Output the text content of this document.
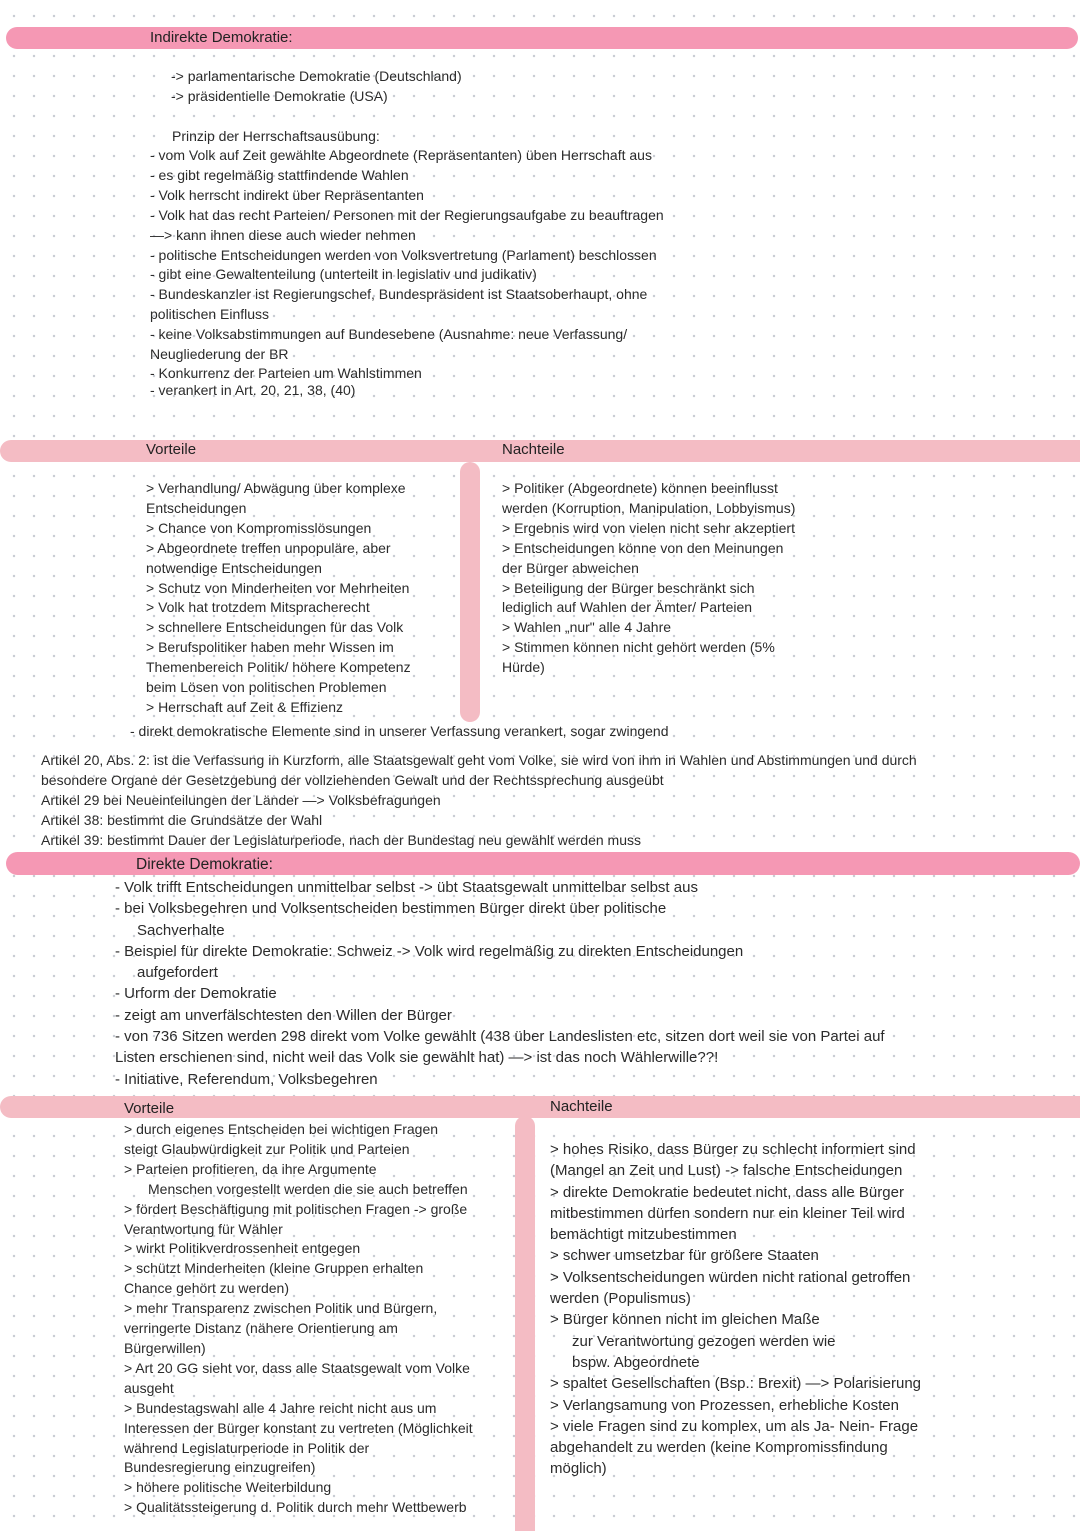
Indirekte Demokratie:

-> parlamentarische Demokratie (Deutschland)

-> präsidentielle Demokratie (USA)

Prinzip der Herrschaftsausübung:

- vom Volk auf Zeit gewählte Abgeordnete (Repräsentanten) üben Herrschaft aus

- es gibt regelmäßig stattfindende Wahlen

- Volk herrscht indirekt über Repräsentanten

- Volk hat das recht Parteien/ Personen mit der Regierungsaufgabe zu beauftragen

—> kann ihnen diese auch wieder nehmen

- politische Entscheidungen werden von Volksvertretung (Parlament) beschlossen

- gibt eine Gewaltenteilung (unterteilt in legislativ und judikativ)

- Bundeskanzler ist Regierungschef, Bundespräsident ist Staatsoberhaupt, ohne

politischen Einfluss

- keine Volksabstimmungen auf Bundesebene (Ausnahme: neue Verfassung/

Neugliederung der BR

- Konkurrenz der Parteien um Wahlstimmen

- verankert in Art. 20, 21, 38, (40)

Vorteile	Nachteile

> Verhandlung/ Abwägung über komplexe

Entscheidungen

> Chance von Kompromisslösungen

> Abgeordnete treffen unpopuläre, aber

notwendige Entscheidungen

> Schutz von Minderheiten vor Mehrheiten

> Volk hat trotzdem Mitspracherecht

> schnellere Entscheidungen für das Volk

> Berufspolitiker haben mehr Wissen im

Themenbereich Politik/ höhere Kompetenz

beim Lösen von politischen Problemen

> Herrschaft auf Zeit & Effizienz

> Politiker (Abgeordnete) können beeinflusst

werden (Korruption, Manipulation, Lobbyismus)

> Ergebnis wird von vielen nicht sehr akzeptiert

> Entscheidungen könne von den Meinungen

der Bürger abweichen

> Beteiligung der Bürger beschränkt sich

lediglich auf Wahlen der Ämter/ Parteien

> Wahlen „nur" alle 4 Jahre

> Stimmen können nicht gehört werden (5%

Hürde)

- direkt demokratische Elemente sind in unserer Verfassung verankert, sogar zwingend

Artikel 20, Abs. 2: ist die Verfassung in Kurzform, alle Staatsgewalt geht vom Volke, sie wird von ihm in Wahlen und Abstimmungen und durch

besondere Organe der Gesetzgebung der vollziehenden Gewalt und der Rechtssprechung ausgeübt

Artikel 29 bei Neueinteilungen der Länder —> Volksbefragungen

Artikel 38: bestimmt die Grundsätze der Wahl

Artikel 39: bestimmt Dauer der Legislaturperiode, nach der Bundestag neu gewählt werden muss

Direkte Demokratie:

- Volk trifft Entscheidungen unmittelbar selbst -> übt Staatsgewalt unmittelbar selbst aus

- bei Volksbegehren und Volksentscheiden bestimmen Bürger direkt über politische

Sachverhalte

- Beispiel für direkte Demokratie: Schweiz -> Volk wird regelmäßig zu direkten Entscheidungen

aufgefordert

- Urform der Demokratie

- zeigt am unverfälschtesten den Willen der Bürger

- von 736 Sitzen werden 298 direkt vom Volke gewählt (438 über Landeslisten etc, sitzen dort weil sie von Partei auf

Listen erschienen sind, nicht weil das Volk sie gewählt hat) —> ist das noch Wählerwille??!

- Initiative, Referendum, Volksbegehren

Vorteile	Nachteile

> durch eigenes Entscheiden bei wichtigen Fragen

steigt Glaubwürdigkeit zur Politik und Parteien

> Parteien profitieren, da ihre Argumente

Menschen vorgestellt werden die sie auch betreffen

> fördert Beschäftigung mit politischen Fragen -> große

Verantwortung für Wähler

> wirkt Politikverdrossenheit entgegen

> schützt Minderheiten (kleine Gruppen erhalten

Chance gehört zu werden)

> mehr Transparenz zwischen Politik und Bürgern,

verringerte Distanz (nähere Orientierung am

Bürgerwillen)

> Art 20 GG sieht vor, dass alle Staatsgewalt vom Volke

ausgeht

> Bundestagswahl alle 4 Jahre reicht nicht aus um

Interessen der Bürger konstant zu vertreten (Möglichkeit

während Legislaturperiode in Politik der

Bundesregierung einzugreifen)

> höhere politische Weiterbildung

> Qualitätssteigerung d. Politik durch mehr Wettbewerb

> hohes Risiko, dass Bürger zu schlecht informiert sind

(Mangel an Zeit und Lust) -> falsche Entscheidungen

> direkte Demokratie bedeutet nicht, dass alle Bürger

mitbestimmen dürfen sondern nur ein kleiner Teil wird

bemächtigt mitzubestimmen

> schwer umsetzbar für größere Staaten

> Volksentscheidungen würden nicht rational getroffen

werden (Populismus)

> Bürger können nicht im gleichen Maße

zur Verantwortung gezogen werden wie

bspw. Abgeordnete

> spaltet Gesellschaften (Bsp.: Brexit) —> Polarisierung

> Verlangsamung von Prozessen, erhebliche Kosten

> viele Fragen sind zu komplex, um als Ja- Nein- Frage

abgehandelt zu werden (keine Kompromissfindung

möglich)
